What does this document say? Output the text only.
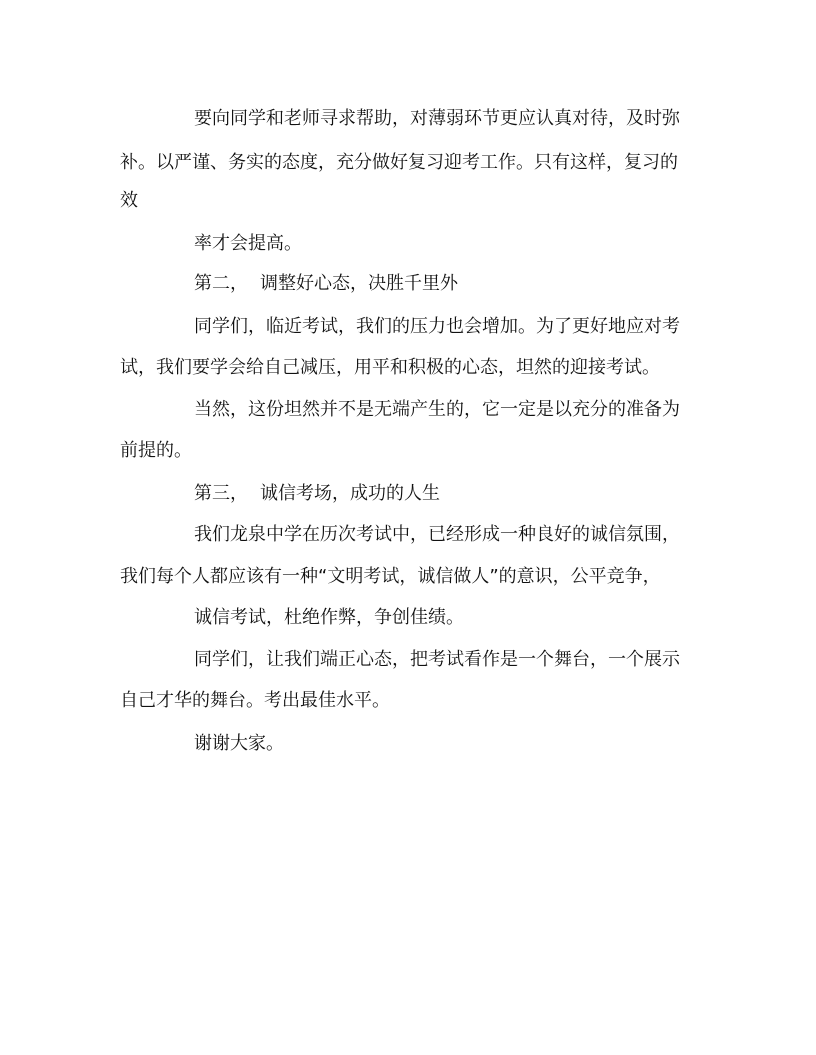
要向同学和老师寻求帮助，对薄弱环节更应认真对待，及时弥
补。以严谨、务实的态度，充分做好复习迎考工作。只有这样，复习的
效
率才会提高。
第二， 调整好心态，决胜千里外
同学们，临近考试，我们的压力也会增加。为了更好地应对考
试，我们要学会给自己减压，用平和积极的心态，坦然的迎接考试。
当然，这份坦然并不是无端产生的，它一定是以充分的准备为
前提的。
第三， 诚信考场，成功的人生
我们龙泉中学在历次考试中，已经形成一种良好的诚信氛围，
我们每个人都应该有一种“文明考试，诚信做人”的意识，公平竞争，
诚信考试，杜绝作弊，争创佳绩。
同学们，让我们端正心态，把考试看作是一个舞台，一个展示
自己才华的舞台。考出最佳水平。
谢谢大家。
